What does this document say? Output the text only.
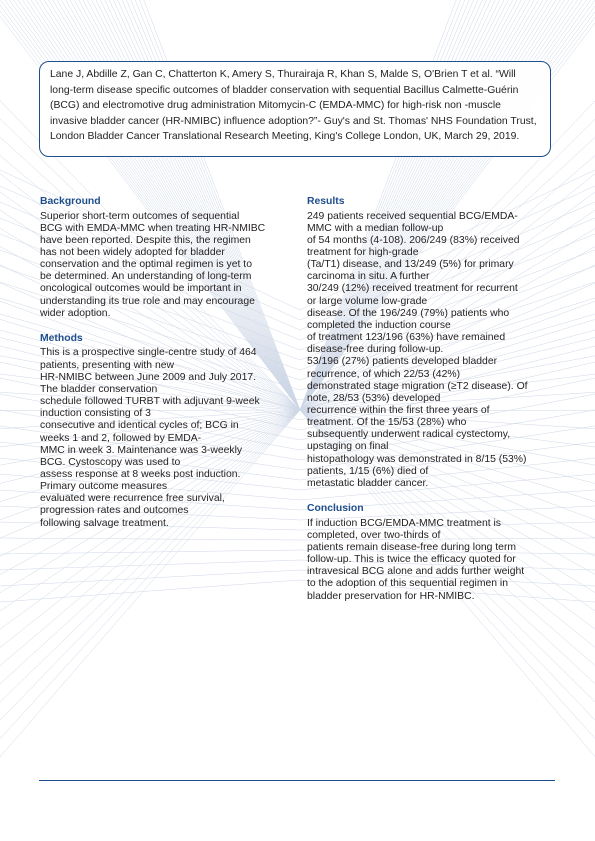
Lane J, Abdille Z, Gan C, Chatterton K, Amery S, Thurairaja R, Khan S, Malde S, O'Brien T et al. “Will long-term disease specific outcomes of bladder conservation with sequential Bacillus Calmette-Guérin (BCG) and electromotive drug administration Mitomycin-C (EMDA-MMC) for high-risk non -muscle invasive bladder cancer (HR-NMIBC) influence adoption?”- Guy's and St. Thomas' NHS Foundation Trust, London Bladder Cancer Translational Research Meeting, King's College London, UK, March 29, 2019.
Background

Superior short-term outcomes of sequential
BCG with EMDA-MMC when treating HR-NMIBC
have been reported. Despite this, the regimen
has not been widely adopted for bladder
conservation and the optimal regimen is yet to
be determined. An understanding of long-term
oncological outcomes would be important in
understanding its true role and may encourage
wider adoption.

Methods

This is a prospective single-centre study of 464
patients, presenting with new
HR-NMIBC between June 2009 and July 2017.
The bladder conservation
schedule followed TURBT with adjuvant 9-week
induction consisting of 3
consecutive and identical cycles of; BCG in
weeks 1 and 2, followed by EMDA-
MMC in week 3. Maintenance was 3-weekly
BCG. Cystoscopy was used to
assess response at 8 weeks post induction.
Primary outcome measures
evaluated were recurrence free survival,
progression rates and outcomes
following salvage treatment.

Results

249 patients received sequential BCG/EMDA-
MMC with a median follow-up
of 54 months (4-108). 206/249 (83%) received
treatment for high-grade
(Ta/T1) disease, and 13/249 (5%) for primary
carcinoma in situ. A further
30/249 (12%) received treatment for recurrent
or large volume low-grade
disease. Of the 196/249 (79%) patients who
completed the induction course
of treatment 123/196 (63%) have remained
disease-free during follow-up.
53/196 (27%) patients developed bladder
recurrence, of which 22/53 (42%)
demonstrated stage migration (≥T2 disease). Of
note, 28/53 (53%) developed
recurrence within the first three years of
treatment. Of the 15/53 (28%) who
subsequently underwent radical cystectomy,
upstaging on final
histopathology was demonstrated in 8/15 (53%)
patients, 1/15 (6%) died of
metastatic bladder cancer.

Conclusion

If induction BCG/EMDA-MMC treatment is
completed, over two-thirds of
patients remain disease-free during long term
follow-up. This is twice the efficacy quoted for
intravesical BCG alone and adds further weight
to the adoption of this sequential regimen in
bladder preservation for HR-NMIBC.
